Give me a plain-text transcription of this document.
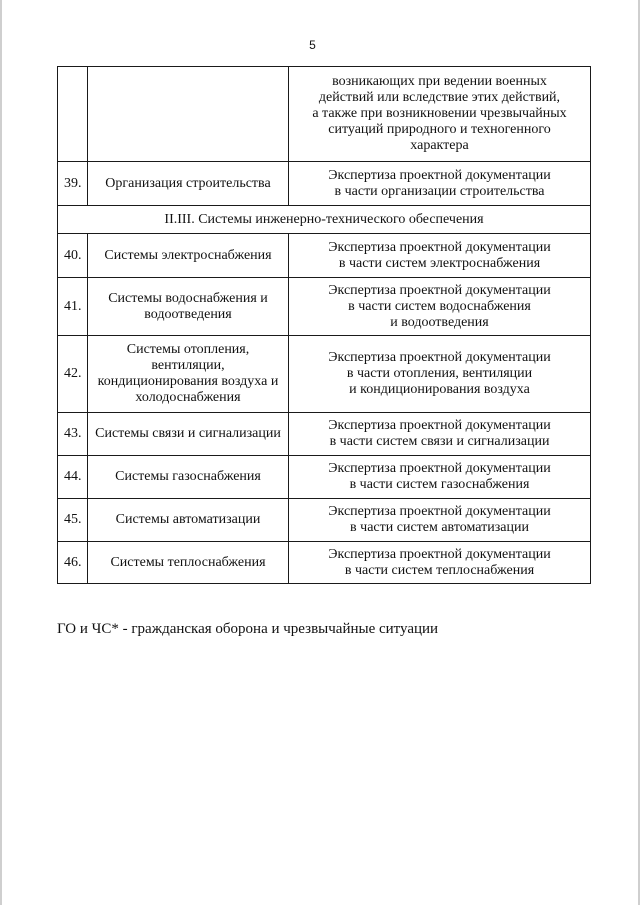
5
		возникающих при ведении военных
действий или вследствие этих действий,
а также при возникновении чрезвычайных
ситуаций природного и техногенного
характера
39.	Организация строительства	Экспертиза проектной документации
в части организации строительства
II.III. Системы инженерно-технического обеспечения		
40.	Системы электроснабжения	Экспертиза проектной документации
в части систем электроснабжения
41.	Системы водоснабжения и водоотведения	Экспертиза проектной документации
в части систем водоснабжения
и водоотведения
42.	Системы отопления, вентиляции, кондиционирования воздуха и холодоснабжения	Экспертиза проектной документации
в части отопления, вентиляции
и кондиционирования воздуха
43.	Системы связи и сигнализации	Экспертиза проектной документации
в части систем связи и сигнализации
44.	Системы газоснабжения	Экспертиза проектной документации
в части систем газоснабжения
45.	Системы автоматизации	Экспертиза проектной документации
в части систем автоматизации
46.	Системы теплоснабжения	Экспертиза проектной документации
в части систем теплоснабжения
ГО и ЧС* - гражданская оборона и чрезвычайные ситуации
